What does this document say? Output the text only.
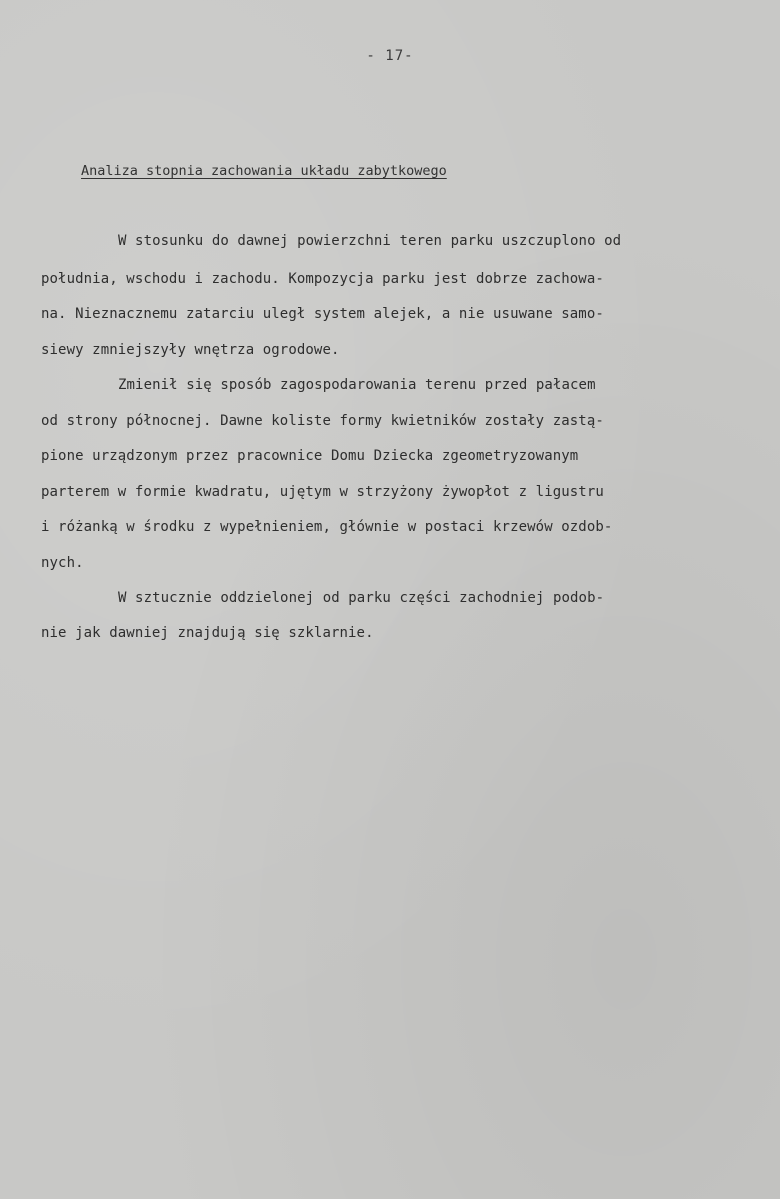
- 17-
Analiza stopnia zachowania układu zabytkowego
W stosunku do dawnej powierzchni teren parku uszczuplono od
południa, wschodu i zachodu. Kompozycja parku jest dobrze zachowa-
na. Nieznacznemu zatarciu uległ system alejek, a nie usuwane samo-
siewy zmniejszyły wnętrza ogrodowe.
Zmienił się sposób zagospodarowania terenu przed pałacem
od strony północnej. Dawne koliste formy kwietników zostały zastą-
pione urządzonym przez pracownice Domu Dziecka zgeometryzowanym
parterem w formie kwadratu, ujętym w strzyżony żywopłot z ligustru
i różanką w środku z wypełnieniem, głównie w postaci krzewów ozdob-
nych.
W sztucznie oddzielonej od parku części zachodniej podob-
nie jak dawniej znajdują się szklarnie.
